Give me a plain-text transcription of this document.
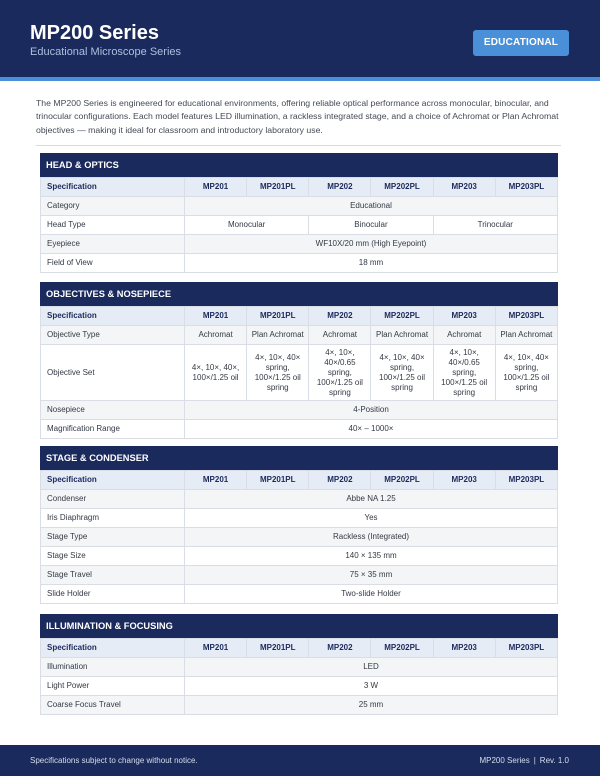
MP200 Series
Educational Microscope Series
EDUCATIONAL
The MP200 Series is engineered for educational environments, offering reliable optical performance across monocular, binocular, and trinocular configurations. Each model features LED illumination, a rackless integrated stage, and a choice of Achromat or Plan Achromat objectives — making it ideal for classroom and introductory laboratory use.
HEAD & OPTICS
Specification	MP201	MP201PL	MP202	MP202PL	MP203	MP203PL
Category	Educational					
Head Type	Monocular		Binocular		Trinocular	
Eyepiece	WF10X/20 mm (High Eyepoint)					
Field of View	18 mm					
OBJECTIVES & NOSEPIECE
Specification	MP201	MP201PL	MP202	MP202PL	MP203	MP203PL
Objective Type	Achromat	Plan Achromat	Achromat	Plan Achromat	Achromat	Plan Achromat
Objective Set	4×, 10×, 40×, 100×/1.25 oil	4×, 10×, 40× spring, 100×/1.25 oil spring	4×, 10×, 40×/0.65 spring, 100×/1.25 oil spring	4×, 10×, 40× spring, 100×/1.25 oil spring	4×, 10×, 40×/0.65 spring, 100×/1.25 oil spring	4×, 10×, 40× spring, 100×/1.25 oil spring
Nosepiece	4-Position					
Magnification Range	40× – 1000×					
STAGE & CONDENSER
Specification	MP201	MP201PL	MP202	MP202PL	MP203	MP203PL
Condenser	Abbe NA 1.25					
Iris Diaphragm	Yes					
Stage Type	Rackless (Integrated)					
Stage Size	140 × 135 mm					
Stage Travel	75 × 35 mm					
Slide Holder	Two-slide Holder					
ILLUMINATION & FOCUSING
Specification	MP201	MP201PL	MP202	MP202PL	MP203	MP203PL
Illumination	LED					
Light Power	3 W					
Coarse Focus Travel	25 mm					
Specifications subject to change without notice.	MP200 Series | Rev. 1.0
